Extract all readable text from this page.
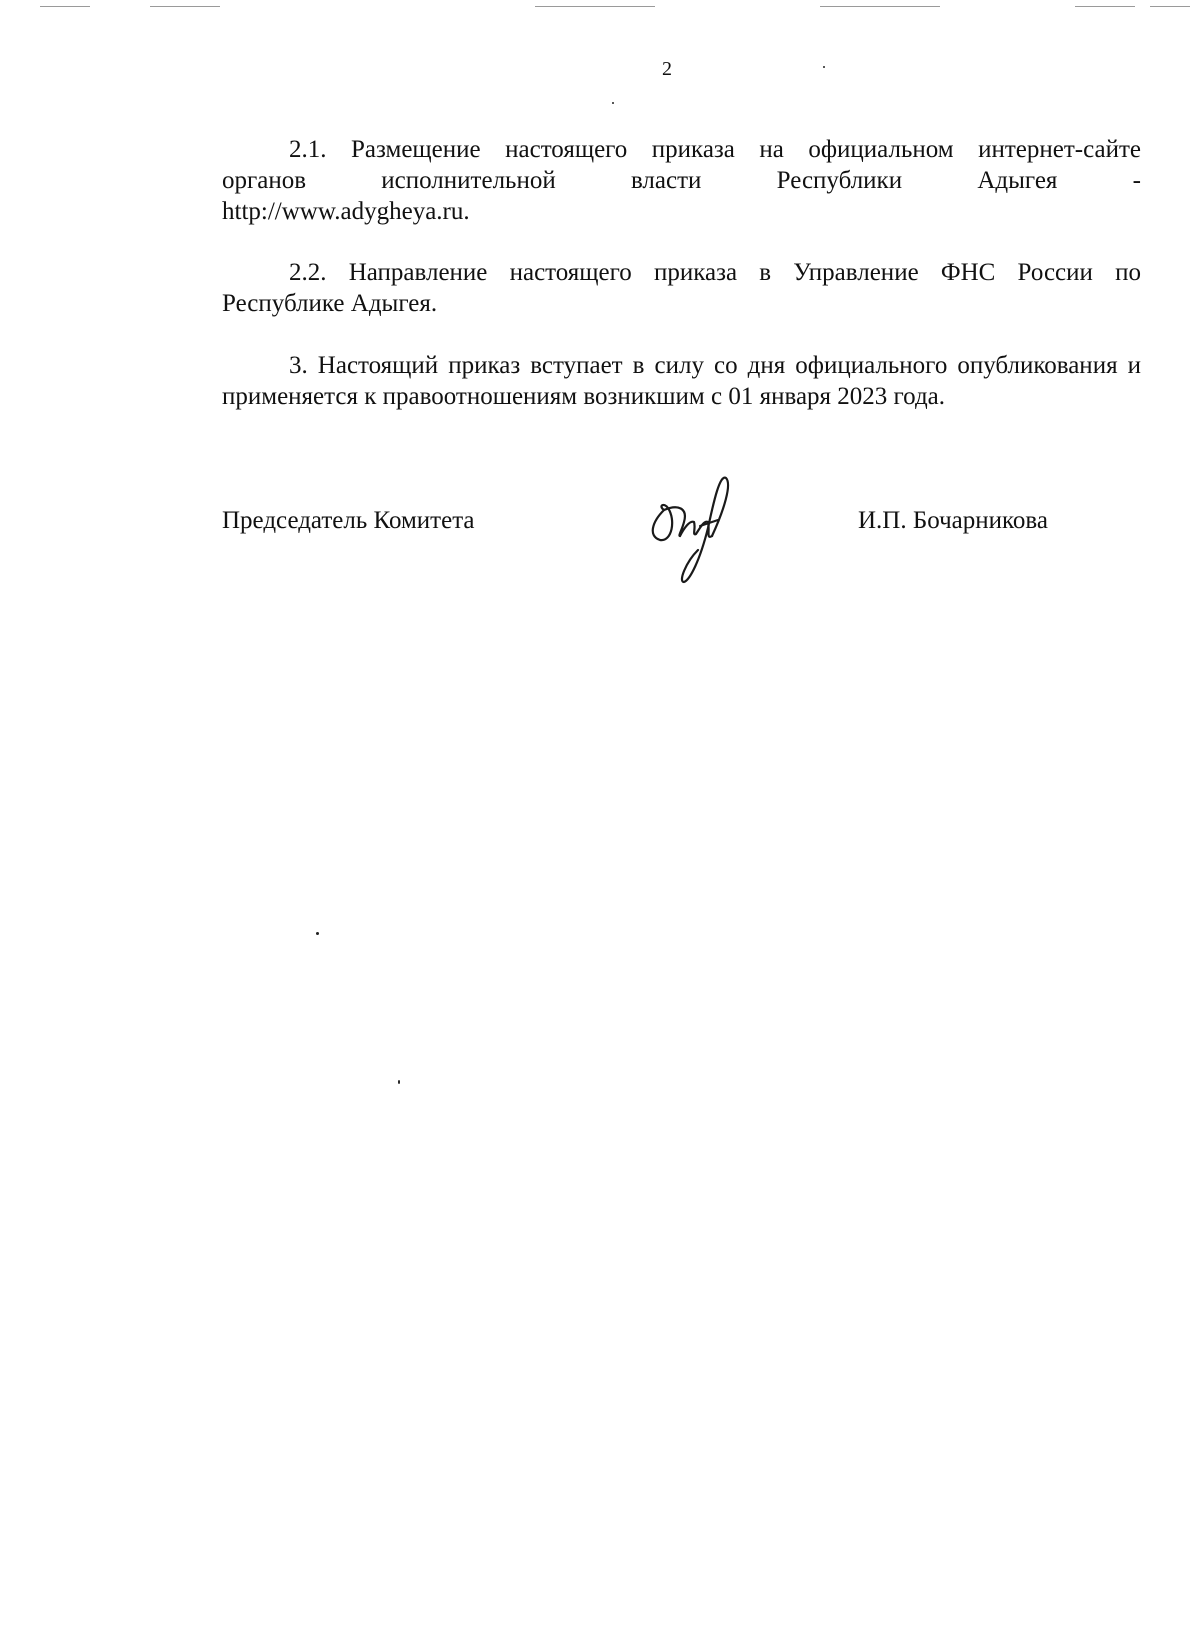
2

2.1. Размещение настоящего приказа на официальном интернет-сайте

органов исполнительной власти Республики Адыгея -

http://www.adygheya.ru.

2.2. Направление настоящего приказа в Управление ФНС России по Республике Адыгея.

3. Настоящий приказ вступает в силу со дня официального опубликования и применяется к правоотношениям возникшим с 01 января 2023 года.

Председатель Комитета	И.П. Бочарникова
